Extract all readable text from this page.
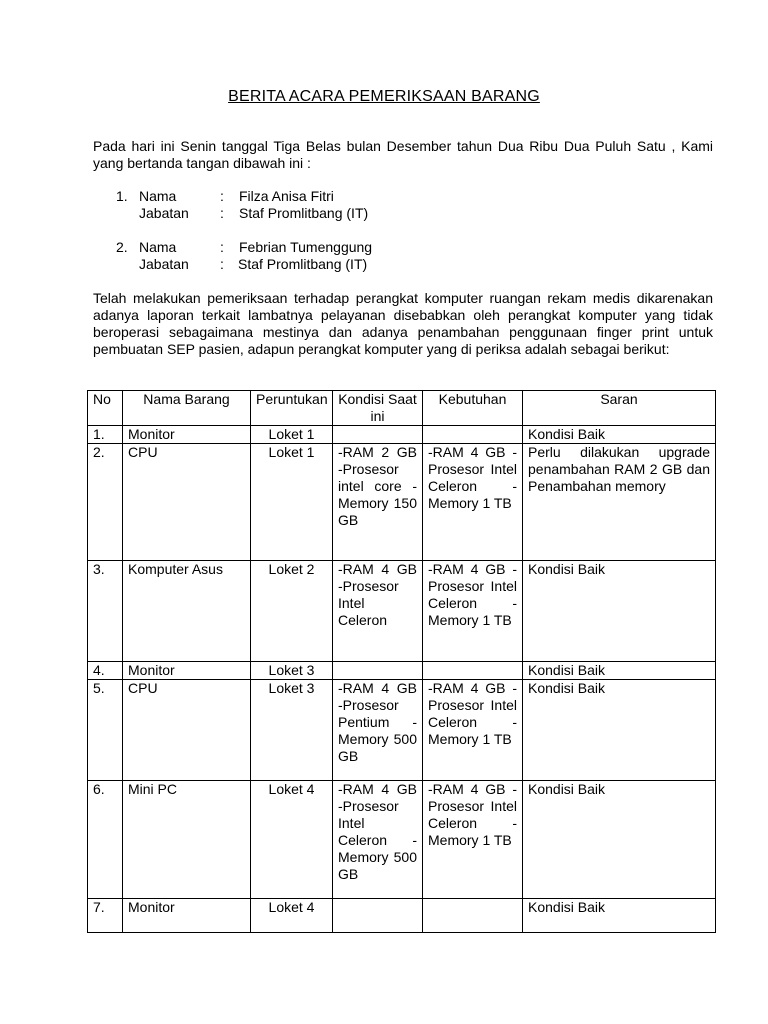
BERITA ACARA PEMERIKSAAN BARANG
Pada hari ini Senin tanggal Tiga Belas bulan Desember tahun Dua Ribu Dua Puluh Satu , Kami yang bertanda tangan dibawah ini :
1. Nama	: Filza Anisa Fitri
Jabatan : Staf Promlitbang (IT)
2. Nama	: Febrian Tumenggung
Jabatan : Staf Promlitbang (IT)
Telah melakukan pemeriksaan terhadap perangkat komputer ruangan rekam medis dikarenakan adanya laporan terkait lambatnya pelayanan disebabkan oleh perangkat komputer yang tidak beroperasi sebagaimana mestinya dan adanya penambahan penggunaan finger print untuk pembuatan SEP pasien, adapun perangkat komputer yang di periksa adalah sebagai berikut:
No	Nama Barang	Peruntukan	Kondisi Saat ini	Kebutuhan	Saran
1.	Monitor	Loket 1			Kondisi Baik
2.	CPU	Loket 1	-RAM 2 GB -Prosesor intel core -Memory 150 GB	-RAM 4 GB -Prosesor Intel Celeron - Memory 1 TB	Perlu dilakukan upgrade penambahan RAM 2 GB dan Penambahan memory
3.	Komputer Asus	Loket 2	-RAM 4 GB -Prosesor Intel Celeron	-RAM 4 GB -Prosesor Intel Celeron -Memory 1 TB	Kondisi Baik
4.	Monitor	Loket 3			Kondisi Baik
5.	CPU	Loket 3	-RAM 4 GB -Prosesor Pentium - Memory 500 GB	-RAM 4 GB -Prosesor Intel Celeron -Memory 1 TB	Kondisi Baik
6.	Mini PC	Loket 4	-RAM 4 GB -Prosesor Intel Celeron -Memory 500 GB	-RAM 4 GB -Prosesor Intel Celeron - Memory 1 TB	Kondisi Baik
7.	Monitor	Loket 4			Kondisi Baik
